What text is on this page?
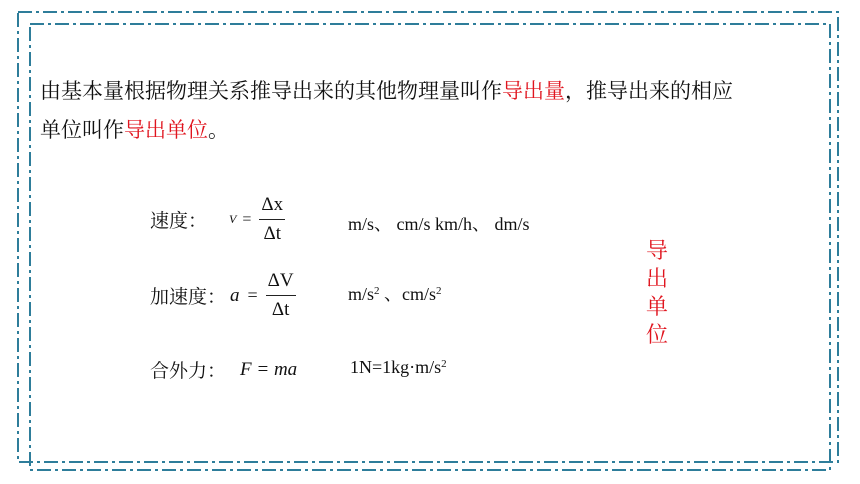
由基本量根据物理关系推导出来的其他物理量叫作导出量，推导出来的相应
单位叫作导出单位。
速度： $V = \frac{\Delta x}{\Delta t}$	m/s、 cm/s km/h、 dm/s
加速度： $a = \frac{\Delta V}{\Delta t}$	$m/s^2$ 、$cm/s^2$
合外力： F = ma	$1N=1kg\cdot m/s^2$
导
出
单
位
